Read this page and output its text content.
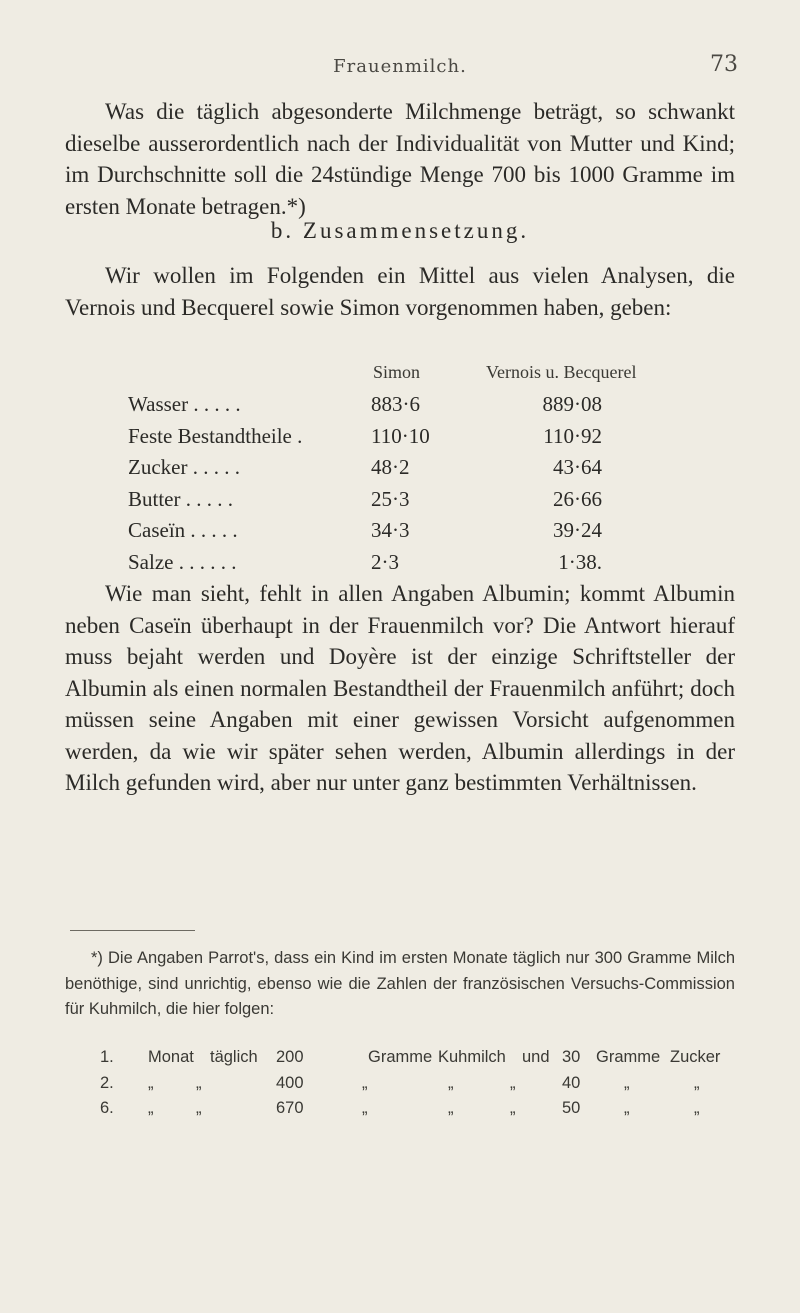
Frauenmilch.	73
Was die täglich abgesonderte Milchmenge beträgt, so schwankt dieselbe ausserordentlich nach der Individualität von Mutter und Kind; im Durchschnitte soll die 24stündige Menge 700 bis 1000 Gramme im ersten Monate betragen.*)
b. Zusammensetzung.
Wir wollen im Folgenden ein Mittel aus vielen Analysen, die Vernois und Becquerel sowie Simon vorgenommen haben, geben:
Simon	Vernois u. Becquerel
Wasser . . . . .	883·6	889·08
Feste Bestandtheile .	110·10	110·92
Zucker . . . . .	48·2	43·64
Butter . . . . .	25·3	26·66
Caseïn . . . . .	34·3	39·24
Salze . . . . . .	2·3	1·38.
Wie man sieht, fehlt in allen Angaben Albumin; kommt Albumin neben Caseïn überhaupt in der Frauenmilch vor? Die Antwort hierauf muss bejaht werden und Doyère ist der einzige Schriftsteller der Albumin als einen normalen Bestandtheil der Frauenmilch anführt; doch müssen seine Angaben mit einer gewissen Vorsicht aufgenommen werden, da wie wir später sehen werden, Albumin allerdings in der Milch gefunden wird, aber nur unter ganz bestimmten Verhältnissen.
*) Die Angaben Parrot's, dass ein Kind im ersten Monate täglich nur 300 Gramme Milch benöthige, sind unrichtig, ebenso wie die Zahlen der französischen Versuchs-Commission für Kuhmilch, die hier folgen:
1. Monat täglich 200	Gramme Kuhmilch und 30 Gramme Zucker
2. „	„	400	„	„	„	40	„	„
6. „	„	670	„	„	„	50	„	„
